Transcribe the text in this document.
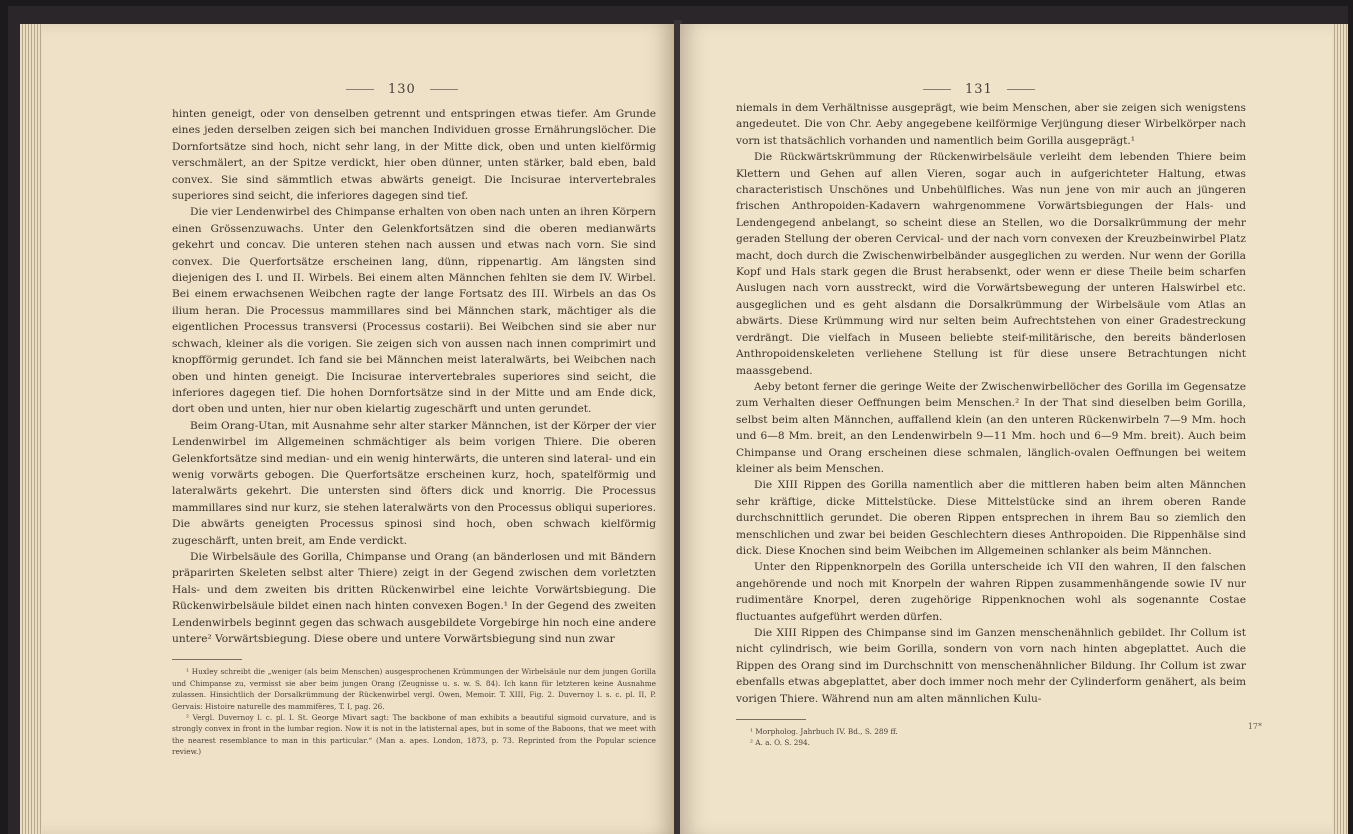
130

hinten geneigt, oder von denselben getrennt und entspringen etwas tiefer. Am Grunde eines jeden derselben zeigen sich bei manchen Individuen grosse Ernährungslöcher. Die Dornfortsätze sind hoch, nicht sehr lang, in der Mitte dick, oben und unten kielförmig verschmälert, an der Spitze verdickt, hier oben dünner, unten stärker, bald eben, bald convex. Sie sind sämmtlich etwas abwärts geneigt. Die Incisurae intervertebrales superiores sind seicht, die inferiores dagegen sind tief.

Die vier Lendenwirbel des Chimpanse erhalten von oben nach unten an ihren Körpern einen Grössenzuwachs. Unter den Gelenkfortsätzen sind die oberen medianwärts gekehrt und concav. Die unteren stehen nach aussen und etwas nach vorn. Sie sind convex. Die Querfortsätze erscheinen lang, dünn, rippenartig. Am längsten sind diejenigen des I. und II. Wirbels. Bei einem alten Männchen fehlten sie dem IV. Wirbel. Bei einem erwachsenen Weibchen ragte der lange Fortsatz des III. Wirbels an das Os ilium heran. Die Processus mammillares sind bei Männchen stark, mächtiger als die eigentlichen Processus transversi (Processus costarii). Bei Weibchen sind sie aber nur schwach, kleiner als die vorigen. Sie zeigen sich von aussen nach innen comprimirt und knopfförmig gerundet. Ich fand sie bei Männchen meist lateralwärts, bei Weibchen nach oben und hinten geneigt. Die Incisurae intervertebrales superiores sind seicht, die inferiores dagegen tief. Die hohen Dornfortsätze sind in der Mitte und am Ende dick, dort oben und unten, hier nur oben kielartig zugeschärft und unten gerundet.

Beim Orang-Utan, mit Ausnahme sehr alter starker Männchen, ist der Körper der vier Lendenwirbel im Allgemeinen schmächtiger als beim vorigen Thiere. Die oberen Gelenkfortsätze sind median- und ein wenig hinterwärts, die unteren sind lateral- und ein wenig vorwärts gebogen. Die Querfortsätze erscheinen kurz, hoch, spatelförmig und lateralwärts gekehrt. Die untersten sind öfters dick und knorrig. Die Processus mammillares sind nur kurz, sie stehen lateralwärts von den Processus obliqui superiores. Die abwärts geneigten Processus spinosi sind hoch, oben schwach kielförmig zugeschärft, unten breit, am Ende verdickt.

Die Wirbelsäule des Gorilla, Chimpanse und Orang (an bänderlosen und mit Bändern präparirten Skeleten selbst alter Thiere) zeigt in der Gegend zwischen dem vorletzten Hals- und dem zweiten bis dritten Rückenwirbel eine leichte Vorwärtsbiegung. Die Rückenwirbelsäule bildet einen nach hinten convexen Bogen.¹ In der Gegend des zweiten Lendenwirbels beginnt gegen das schwach ausgebildete Vorgebirge hin noch eine andere untere² Vorwärtsbiegung. Diese obere und untere Vorwärtsbiegung sind nun zwar

¹ Huxley schreibt die „weniger (als beim Menschen) ausgesprochenen Krümmungen der Wirbelsäule nur dem jungen Gorilla und Chimpanse zu, vermisst sie aber beim jungen Orang (Zeugnisse u. s. w. S. 84). Ich kann für letzteren keine Ausnahme zulassen. Hinsichtlich der Dorsalkrümmung der Rückenwirbel vergl. Owen, Memoir. T. XIII, Fig. 2. Duvernoy l. s. c. pl. II, P. Gervais: Histoire naturelle des mammifères, T. I, pag. 26.

² Vergl. Duvernoy l. c. pl. I. St. George Mivart sagt: The backbone of man exhibits a beautiful sigmoid curvature, and is strongly convex in front in the lumbar region. Now it is not in the latisternal apes, but in some of the Baboons, that we meet with the nearest resemblance to man in this particular.“ (Man a. apes. London, 1873, p. 73. Reprinted from the Popular science review.)

131

niemals in dem Verhältnisse ausgeprägt, wie beim Menschen, aber sie zeigen sich wenigstens angedeutet. Die von Chr. Aeby angegebene keilförmige Verjüngung dieser Wirbelkörper nach vorn ist thatsächlich vorhanden und namentlich beim Gorilla ausgeprägt.¹

Die Rückwärtskrümmung der Rückenwirbelsäule verleiht dem lebenden Thiere beim Klettern und Gehen auf allen Vieren, sogar auch in aufgerichteter Haltung, etwas characteristisch Unschönes und Unbehülfliches. Was nun jene von mir auch an jüngeren frischen Anthropoiden-Kadavern wahrgenommene Vorwärtsbiegungen der Hals- und Lendengegend anbelangt, so scheint diese an Stellen, wo die Dorsalkrümmung der mehr geraden Stellung der oberen Cervical- und der nach vorn convexen der Kreuzbeinwirbel Platz macht, doch durch die Zwischenwirbelbänder ausgeglichen zu werden. Nur wenn der Gorilla Kopf und Hals stark gegen die Brust herabsenkt, oder wenn er diese Theile beim scharfen Auslugen nach vorn ausstreckt, wird die Vorwärtsbewegung der unteren Halswirbel etc. ausgeglichen und es geht alsdann die Dorsalkrümmung der Wirbelsäule vom Atlas an abwärts. Diese Krümmung wird nur selten beim Aufrechtstehen von einer Gradestreckung verdrängt. Die vielfach in Museen beliebte steif-militärische, den bereits bänderlosen Anthropoidenskeleten verliehene Stellung ist für diese unsere Betrachtungen nicht maassgebend.

Aeby betont ferner die geringe Weite der Zwischenwirbellöcher des Gorilla im Gegensatze zum Verhalten dieser Oeffnungen beim Menschen.² In der That sind dieselben beim Gorilla, selbst beim alten Männchen, auffallend klein (an den unteren Rückenwirbeln 7—9 Mm. hoch und 6—8 Mm. breit, an den Lendenwirbeln 9—11 Mm. hoch und 6—9 Mm. breit). Auch beim Chimpanse und Orang erscheinen diese schmalen, länglich-ovalen Oeffnungen bei weitem kleiner als beim Menschen.

Die XIII Rippen des Gorilla namentlich aber die mittleren haben beim alten Männchen sehr kräftige, dicke Mittelstücke. Diese Mittelstücke sind an ihrem oberen Rande durchschnittlich gerundet. Die oberen Rippen entsprechen in ihrem Bau so ziemlich den menschlichen und zwar bei beiden Geschlechtern dieses Anthropoiden. Die Rippenhälse sind dick. Diese Knochen sind beim Weibchen im Allgemeinen schlanker als beim Männchen.

Unter den Rippenknorpeln des Gorilla unterscheide ich VII den wahren, II den falschen angehörende und noch mit Knorpeln der wahren Rippen zusammenhängende sowie IV nur rudimentäre Knorpel, deren zugehörige Rippenknochen wohl als sogenannte Costae fluctuantes aufgeführt werden dürfen.

Die XIII Rippen des Chimpanse sind im Ganzen menschenähnlich gebildet. Ihr Collum ist nicht cylindrisch, wie beim Gorilla, sondern von vorn nach hinten abgeplattet. Auch die Rippen des Orang sind im Durchschnitt von menschenähnlicher Bildung. Ihr Collum ist zwar ebenfalls etwas abgeplattet, aber doch immer noch mehr der Cylinderform genähert, als beim vorigen Thiere. Während nun am alten männlichen Kulu-

¹ Morpholog. Jahrbuch IV. Bd., S. 289 ff.

² A. a. O. S. 294.

17*
